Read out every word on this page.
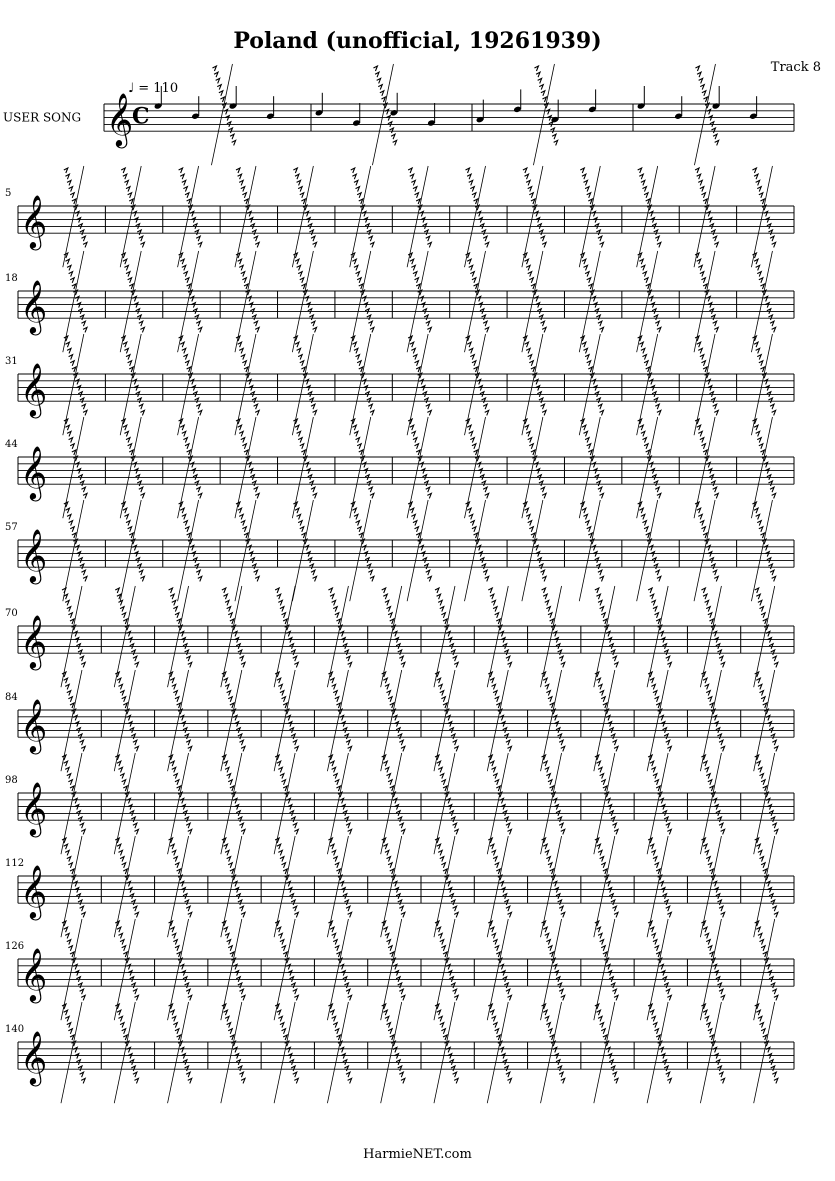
Poland (unofficial, 19261939)
Track 8
𝄞
C
USER SONG
♩ = 110
𝄞
5
𝄞
18
𝄞
31
𝄞
44
𝄞
57
𝄞
70
𝄞
84
𝄞
98
𝄞
112
𝄞
126
𝄞
140
HarmieNET.com
